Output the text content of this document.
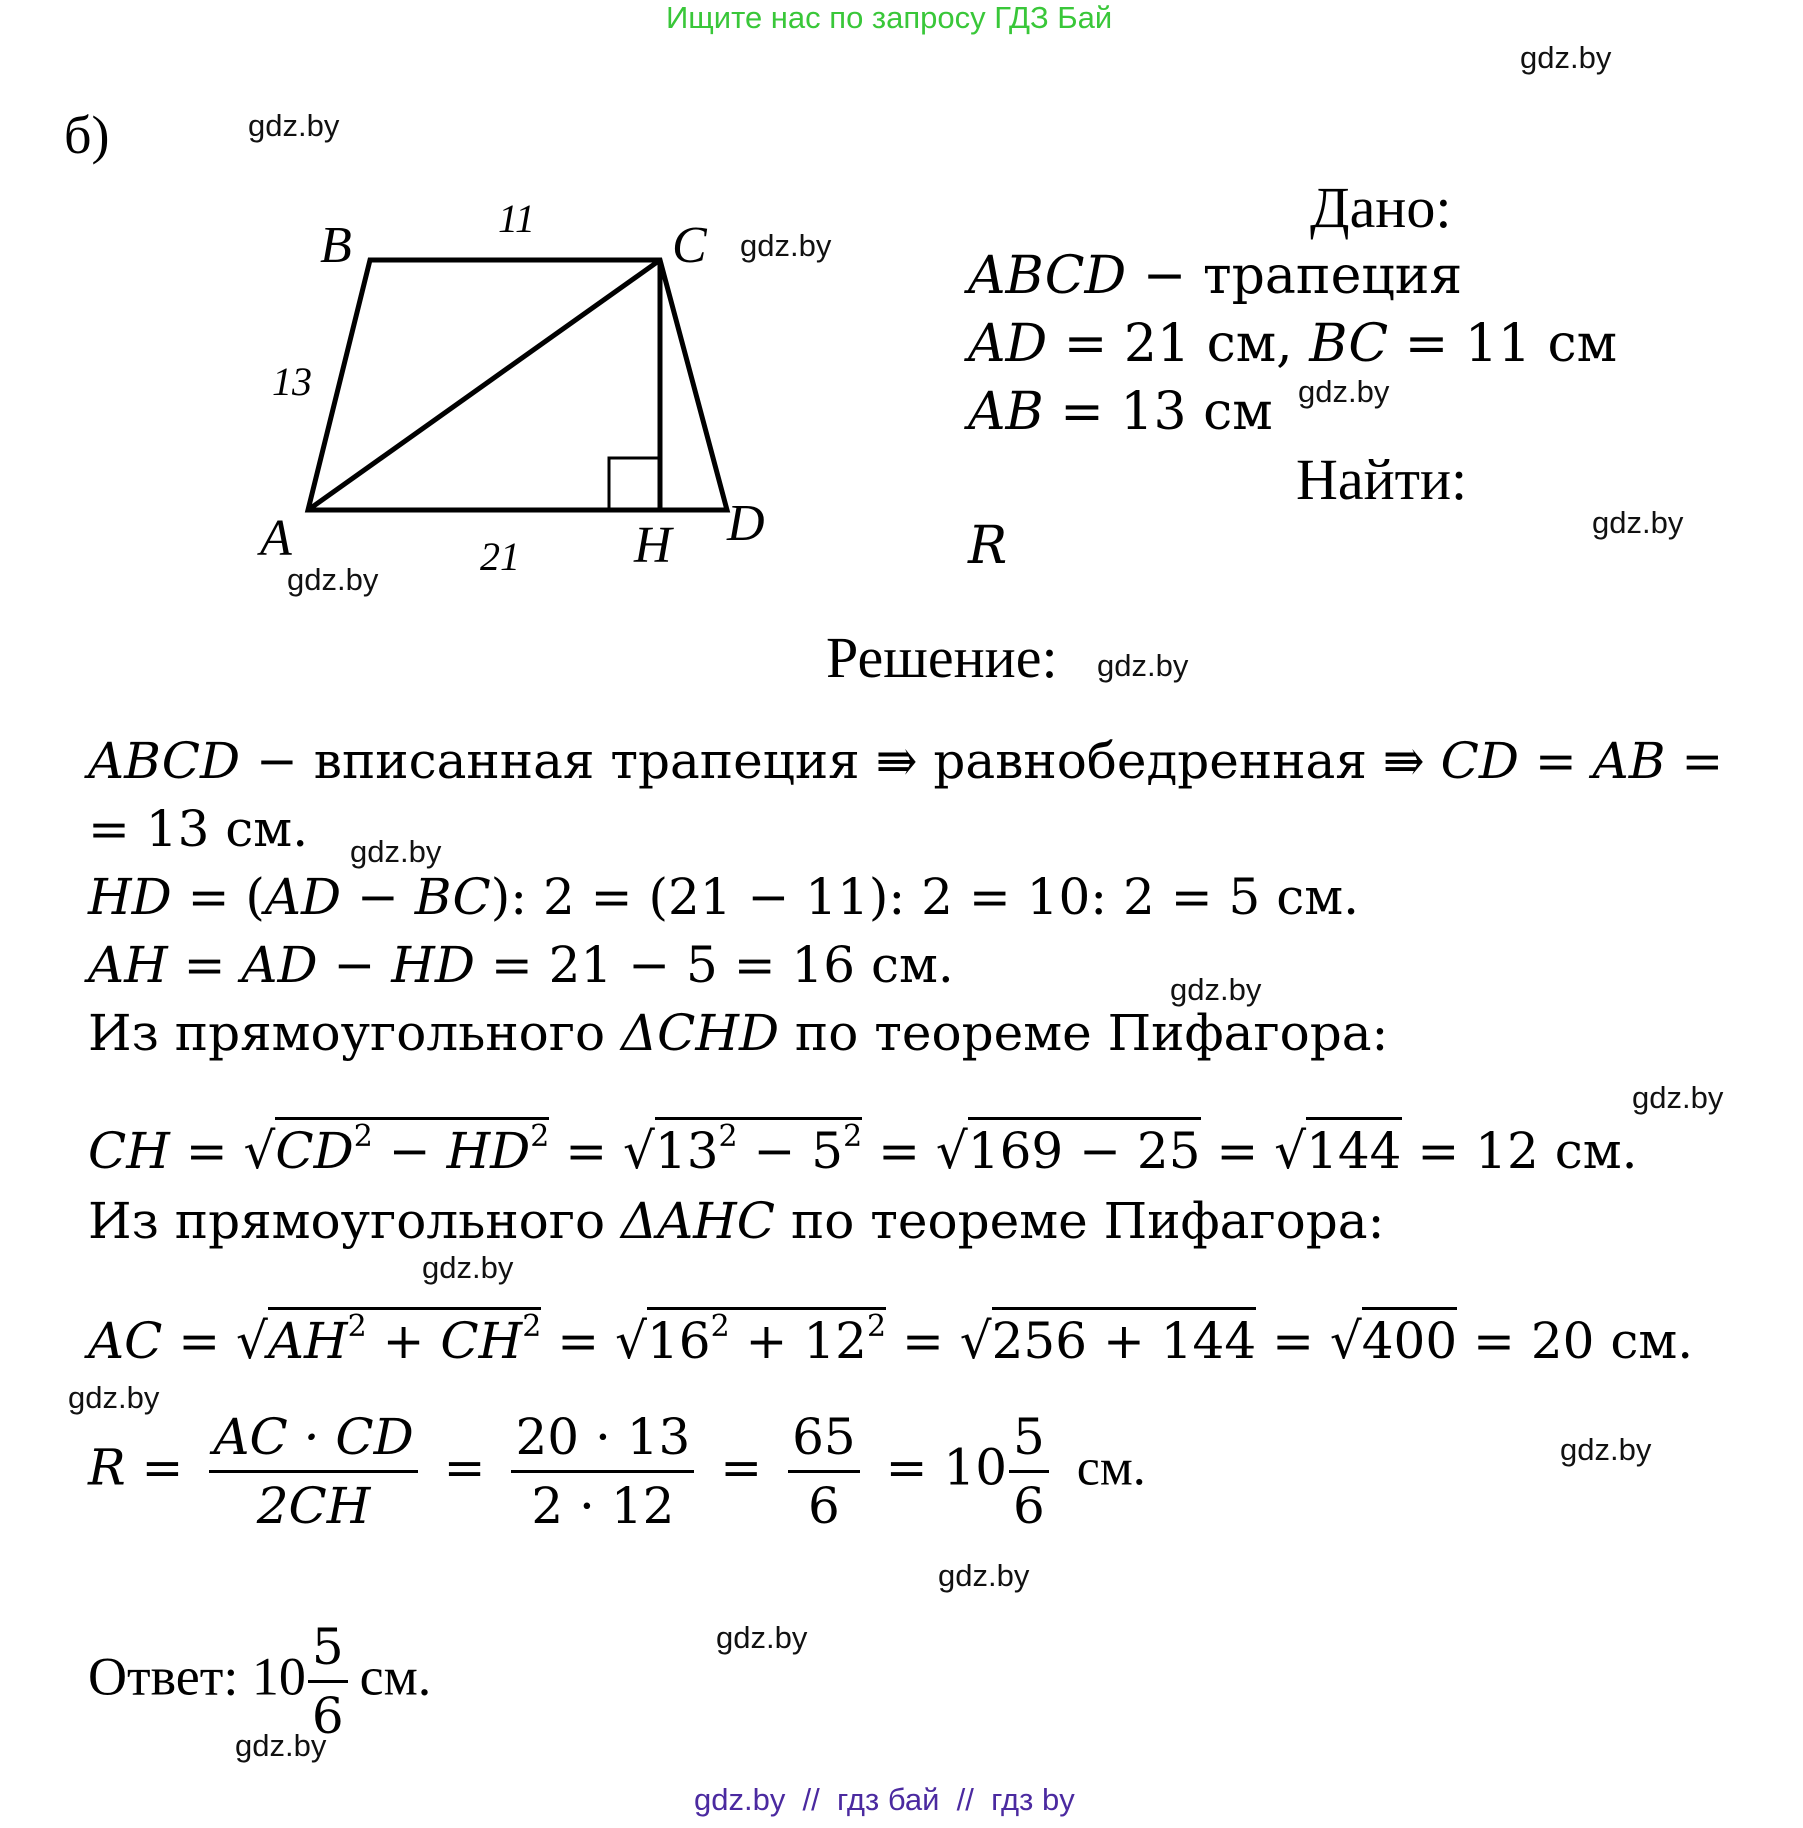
Ищите нас по запросу ГДЗ Бай
gdz.by
gdz.by
gdz.by
gdz.by
gdz.by
gdz.by
gdz.by
gdz.by
gdz.by
gdz.by
gdz.by
gdz.by
gdz.by
gdz.by
gdz.by
gdz.by
б)
B	C
A	D
H
11
13
21
Дано:
ABCD − трапеция
AD = 21 см, BC = 11 см
AB = 13 см
Найти:
R
Решение:
ABCD − вписанная трапеция ⇛ равнобедренная ⇛ CD = AB =
= 13 см.
HD = (AD − BC): 2 = (21 − 11): 2 = 10: 2 = 5 см.
AH = AD − HD = 21 − 5 = 16 см.
Из прямоугольного ΔCHD по теореме Пифагора:
CH = $√CD^2 - HD^2 = √13^2 - 5^2 = √169 - 25 = √144 = 12$ см.
Из прямоугольного ΔAHC по теореме Пифагора:
AC = $√AH^2 + CH^2 = √16^2 + 12^2 = √256 + 144 = √400 = 20$ см.
$R = \frac{AC \cdot CD}{2CH} = \frac{20 \cdot 13}{2 \cdot 12} = \frac{65}{6} = 10 \frac{5}{6}$ см.
Ответ: $10 \frac{5}{6}$ см.
gdz.by  //  гдз бай  //  гдз by
